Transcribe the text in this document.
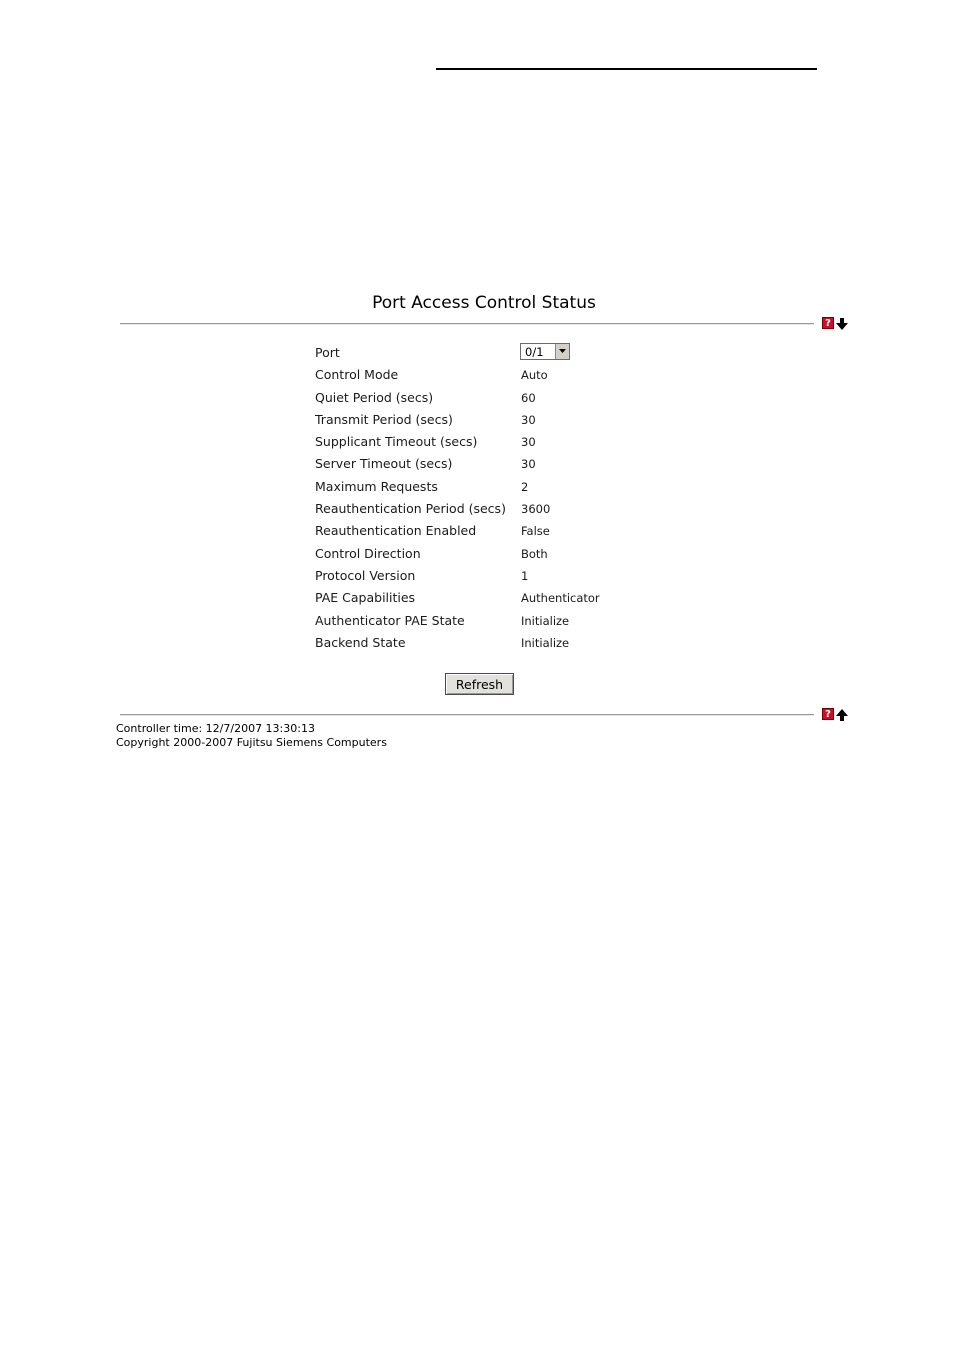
Port Access Control Status
?
Port	0/1
Control Mode	Auto
Quiet Period (secs)	60
Transmit Period (secs)	30
Supplicant Timeout (secs)	30
Server Timeout (secs)	30
Maximum Requests	2
Reauthentication Period (secs) 3600
Reauthentication Enabled	False
Control Direction	Both
Protocol Version	1
PAE Capabilities	Authenticator
Authenticator PAE State	Initialize
Backend State	Initialize
Refresh
?
Controller time: 12/7/2007 13:30:13
Copyright 2000-2007 Fujitsu Siemens Computers
